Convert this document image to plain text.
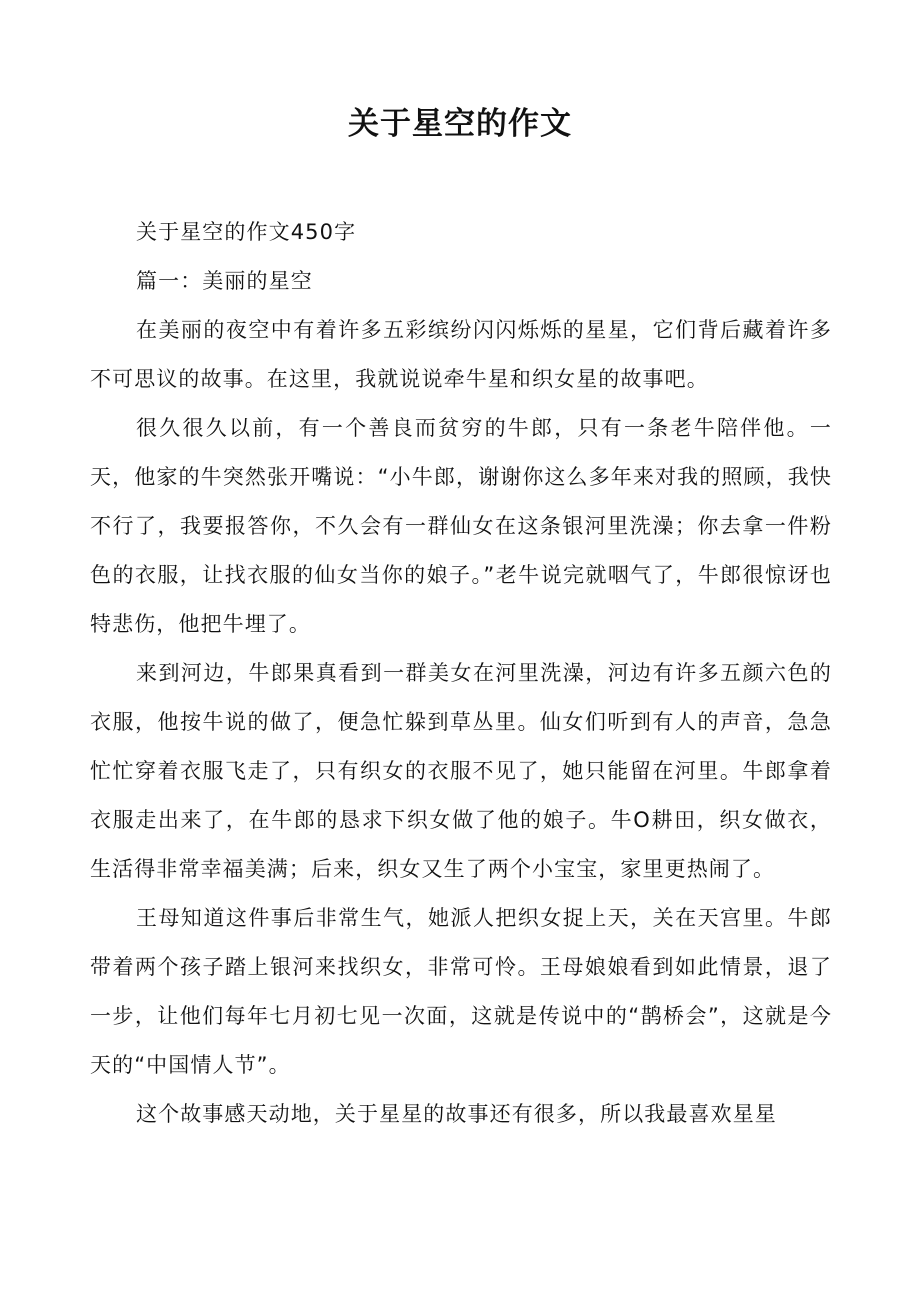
关于星空的作文

关于星空的作文450字

篇一：美丽的星空

在美丽的夜空中有着许多五彩缤纷闪闪烁烁的星星，它们背后藏着许多不可思议的故事。在这里，我就说说牵牛星和织女星的故事吧。

很久很久以前，有一个善良而贫穷的牛郎，只有一条老牛陪伴他。一天，他家的牛突然张开嘴说：“小牛郎，谢谢你这么多年来对我的照顾，我快不行了，我要报答你，不久会有一群仙女在这条银河里洗澡；你去拿一件粉色的衣服，让找衣服的仙女当你的娘子。”老牛说完就咽气了，牛郎很惊讶也特悲伤，他把牛埋了。

来到河边，牛郎果真看到一群美女在河里洗澡，河边有许多五颜六色的衣服，他按牛说的做了，便急忙躲到草丛里。仙女们听到有人的声音，急急忙忙穿着衣服飞走了，只有织女的衣服不见了，她只能留在河里。牛郎拿着衣服走出来了，在牛郎的恳求下织女做了他的娘子。牛O耕田，织女做衣，生活得非常幸福美满；后来，织女又生了两个小宝宝，家里更热闹了。

王母知道这件事后非常生气，她派人把织女捉上天，关在天宫里。牛郎带着两个孩子踏上银河来找织女，非常可怜。王母娘娘看到如此情景，退了一步，让他们每年七月初七见一次面，这就是传说中的“鹊桥会”，这就是今天的“中国情人节”。

这个故事感天动地，关于星星的故事还有很多，所以我最喜欢星星
